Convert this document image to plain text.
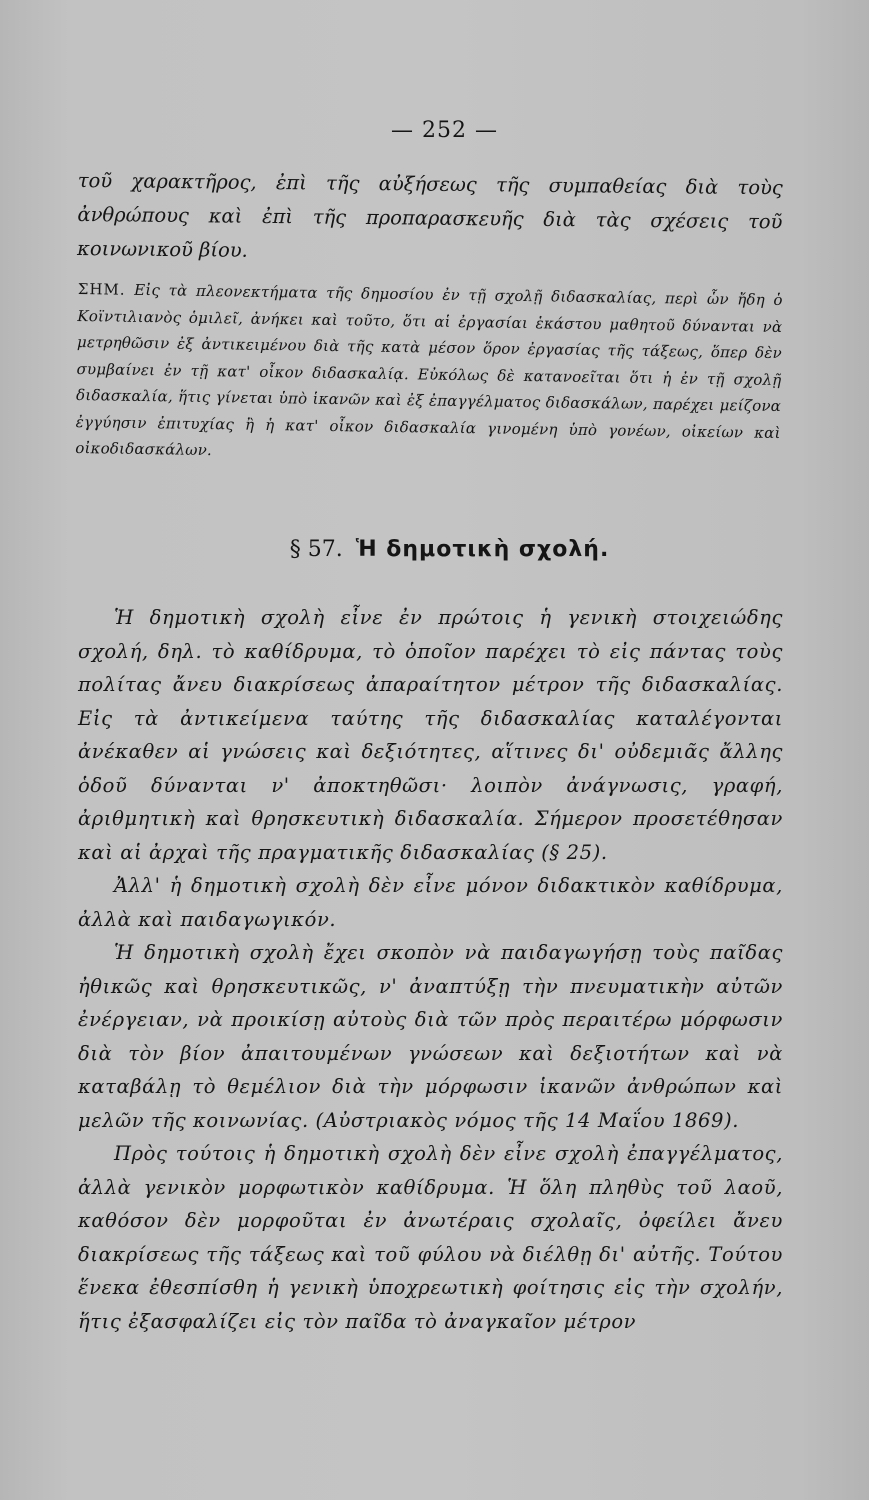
— 252 —

τοῦ χαρακτῆρος, ἐπὶ τῆς αὐξήσεως τῆς συμπαθείας διὰ τοὺς ἀνθρώπους καὶ ἐπὶ τῆς προπαρασκευῆς διὰ τὰς σχέσεις τοῦ κοινωνικοῦ βίου.

ΣΗΜ. Εἰς τὰ πλεονεκτήματα τῆς δημοσίου ἐν τῇ σχολῇ διδασκαλίας, περὶ ὧν ἤδη ὁ Κοϊντιλιανὸς ὁμιλεῖ, ἀνήκει καὶ τοῦτο, ὅτι αἱ ἐργασίαι ἑκάστου μαθητοῦ δύνανται νὰ μετρηθῶσιν ἐξ ἀντικειμένου διὰ τῆς κατὰ μέσον ὅρον ἐργασίας τῆς τάξεως, ὅπερ δὲν συμβαίνει ἐν τῇ κατ' οἶκον διδασκαλίᾳ. Εὐκόλως δὲ κατανοεῖται ὅτι ἡ ἐν τῇ σχολῇ διδασκαλία, ἥτις γίνεται ὑπὸ ἱκανῶν καὶ ἐξ ἐπαγγέλματος διδασκάλων, παρέχει μείζονα ἐγγύησιν ἐπιτυχίας ἢ ἡ κατ' οἶκον διδασκαλία γινομένη ὑπὸ γονέων, οἰκείων καὶ οἰκοδιδασκάλων.

§ 57. Ἡ δημοτικὴ σχολή.

Ἡ δημοτικὴ σχολὴ εἶνε ἐν πρώτοις ἡ γενικὴ στοιχειώδης σχολή, δηλ. τὸ καθίδρυμα, τὸ ὁποῖον παρέχει τὸ εἰς πάντας τοὺς πολίτας ἄνευ διακρίσεως ἀπαραίτητον μέτρον τῆς διδασκαλίας. Εἰς τὰ ἀντικείμενα ταύτης τῆς διδασκαλίας καταλέγονται ἀνέκαθεν αἱ γνώσεις καὶ δεξιότητες, αἵτινες δι' οὐδεμιᾶς ἄλλης ὁδοῦ δύνανται ν' ἀποκτηθῶσι· λοιπὸν ἀνάγνωσις, γραφή, ἀριθμητικὴ καὶ θρησκευτικὴ διδασκαλία. Σήμερον προσετέθησαν καὶ αἱ ἀρχαὶ τῆς πραγματικῆς διδασκαλίας (§ 25).

Ἀλλ' ἡ δημοτικὴ σχολὴ δὲν εἶνε μόνον διδακτικὸν καθίδρυμα, ἀλλὰ καὶ παιδαγωγικόν.

Ἡ δημοτικὴ σχολὴ ἔχει σκοπὸν νὰ παιδαγωγήσῃ τοὺς παῖδας ἠθικῶς καὶ θρησκευτικῶς, ν' ἀναπτύξῃ τὴν πνευματικὴν αὐτῶν ἐνέργειαν, νὰ προικίσῃ αὐτοὺς διὰ τῶν πρὸς περαιτέρω μόρφωσιν διὰ τὸν βίον ἀπαιτουμένων γνώσεων καὶ δεξιοτήτων καὶ νὰ καταβάλῃ τὸ θεμέλιον διὰ τὴν μόρφωσιν ἱκανῶν ἀνθρώπων καὶ μελῶν τῆς κοινωνίας. (Αὐστριακὸς νόμος τῆς 14 Μαΐου 1869).

Πρὸς τούτοις ἡ δημοτικὴ σχολὴ δὲν εἶνε σχολὴ ἐπαγγέλματος, ἀλλὰ γενικὸν μορφωτικὸν καθίδρυμα. Ἡ ὅλη πληθὺς τοῦ λαοῦ, καθόσον δὲν μορφοῦται ἐν ἀνωτέραις σχολαῖς, ὀφείλει ἄνευ διακρίσεως τῆς τάξεως καὶ τοῦ φύλου νὰ διέλθῃ δι' αὐτῆς. Τούτου ἕνεκα ἐθεσπίσθη ἡ γενικὴ ὑποχρεωτικὴ φοίτησις εἰς τὴν σχολήν, ἥτις ἐξασφαλίζει εἰς τὸν παῖδα τὸ ἀναγκαῖον μέτρον
